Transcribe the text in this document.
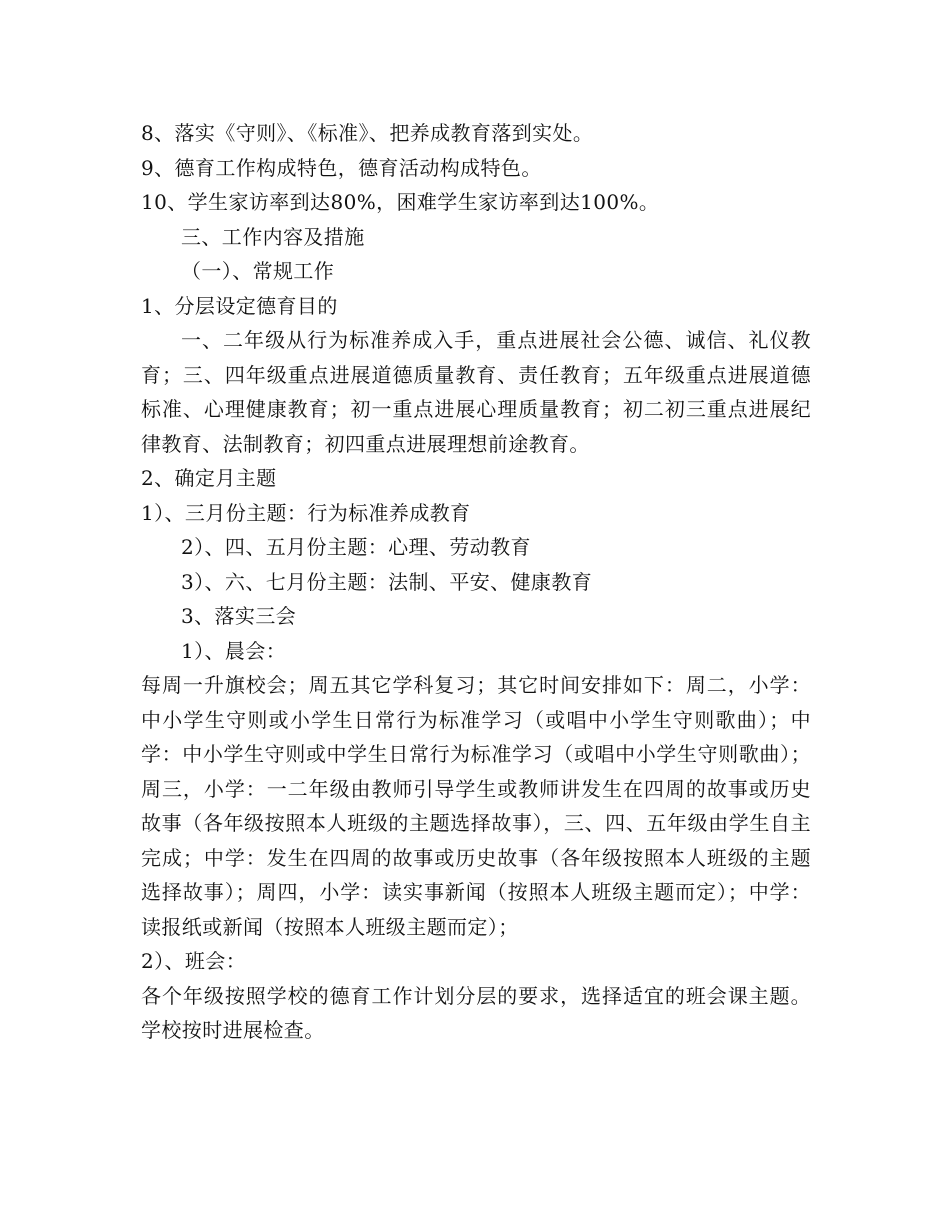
8、落实《守则》、《标准》、把养成教育落到实处。

9、德育工作构成特色，德育活动构成特色。

10、学生家访率到达80%，困难学生家访率到达100%。

三、工作内容及措施

（一）、常规工作

1、分层设定德育目的

一、二年级从行为标准养成入手，重点进展社会公德、诚信、礼仪教育；三、四年级重点进展道德质量教育、责任教育；五年级重点进展道德标准、心理健康教育；初一重点进展心理质量教育；初二初三重点进展纪律教育、法制教育；初四重点进展理想前途教育。

2、确定月主题

1）、三月份主题：行为标准养成教育

2）、四、五月份主题：心理、劳动教育

3）、六、七月份主题：法制、平安、健康教育

3、落实三会

1）、晨会：

每周一升旗校会；周五其它学科复习；其它时间安排如下：周二，小学：中小学生守则或小学生日常行为标准学习（或唱中小学生守则歌曲）；中学：中小学生守则或中学生日常行为标准学习（或唱中小学生守则歌曲）；周三，小学：一二年级由教师引导学生或教师讲发生在四周的故事或历史故事（各年级按照本人班级的主题选择故事），三、四、五年级由学生自主完成；中学：发生在四周的故事或历史故事（各年级按照本人班级的主题选择故事）；周四，小学：读实事新闻（按照本人班级主题而定）；中学：读报纸或新闻（按照本人班级主题而定）；

2）、班会：

各个年级按照学校的德育工作计划分层的要求，选择适宜的班会课主题。学校按时进展检查。
